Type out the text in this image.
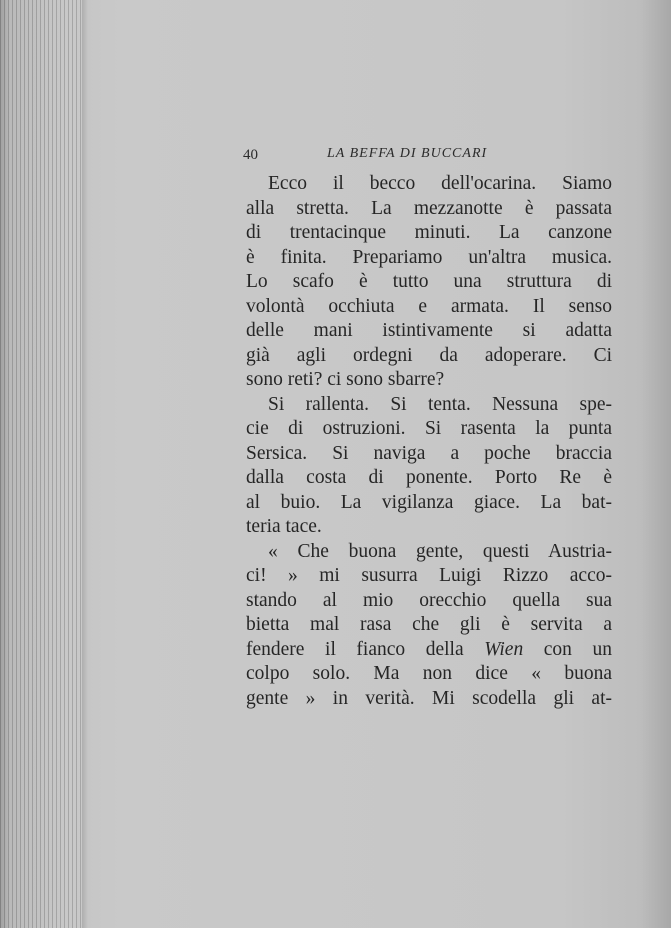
40	LA BEFFA DI BUCCARI
Ecco il becco dell'ocarina. Siamo
alla stretta. La mezzanotte è passata
di trentacinque minuti. La canzone
è finita. Prepariamo un'altra musica.
Lo scafo è tutto una struttura di
volontà occhiuta e armata. Il senso
delle mani istintivamente si adatta
già agli ordegni da adoperare. Ci
sono reti? ci sono sbarre?
Si rallenta. Si tenta. Nessuna spe-
cie di ostruzioni. Si rasenta la punta
Sersica. Si naviga a poche braccia
dalla costa di ponente. Porto Re è
al buio. La vigilanza giace. La bat-
teria tace.
« Che buona gente, questi Austria-
ci! » mi susurra Luigi Rizzo acco-
stando al mio orecchio quella sua
bietta mal rasa che gli è servita a
fendere il fianco della Wien con un
colpo solo. Ma non dice « buona
gente » in verità. Mi scodella gli at-
